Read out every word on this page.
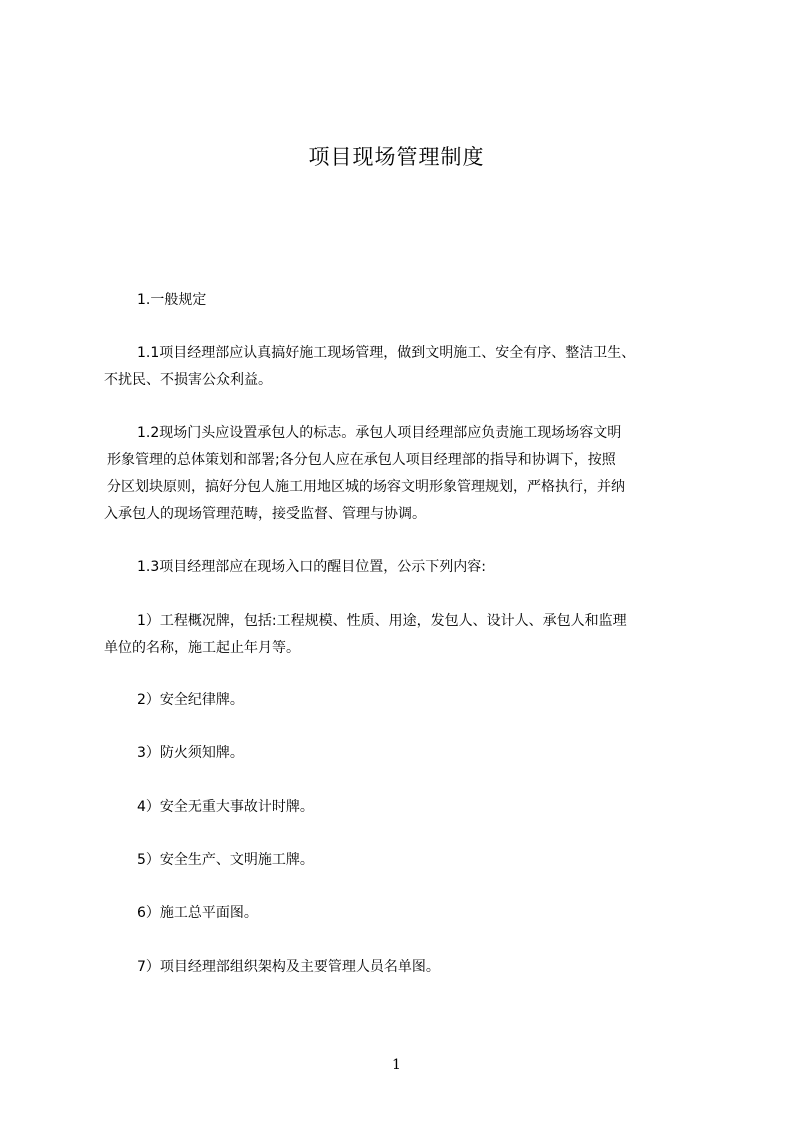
项目现场管理制度
1.一般规定
1.1项目经理部应认真搞好施工现场管理，做到文明施工、安全有序、整洁卫生、
不扰民、不损害公众利益。
1.2现场门头应设置承包人的标志。承包人项目经理部应负责施工现场场容文明
形象管理的总体策划和部署;各分包人应在承包人项目经理部的指导和协调下，按照
分区划块原则，搞好分包人施工用地区城的场容文明形象管理规划，严格执行，并纳
入承包人的现场管理范畴，接受监督、管理与协调。
1.3项目经理部应在现场入口的醒目位置，公示下列内容:
1）工程概况牌，包括:工程规模、性质、用途，发包人、设计人、承包人和监理
单位的名称，施工起止年月等。
2）安全纪律牌。
3）防火须知牌。
4）安全无重大事故计时牌。
5）安全生产、文明施工牌。
6）施工总平面图。
7）项目经理部组织架构及主要管理人员名单图。
1
